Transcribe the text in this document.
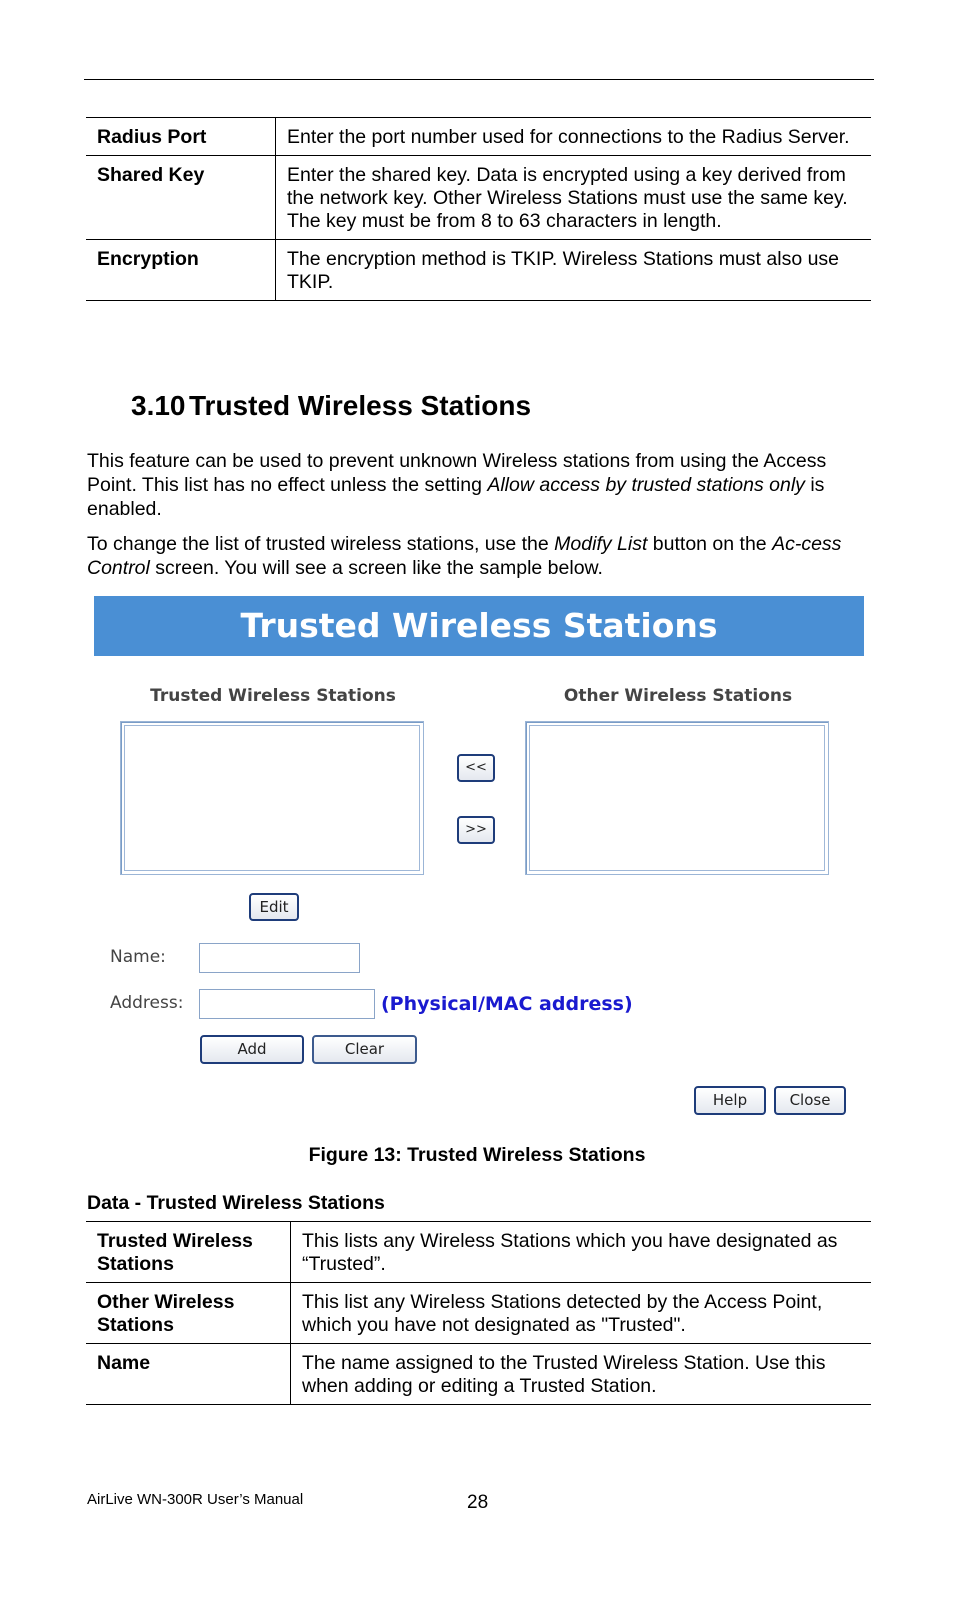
Radius Port	Enter the port number used for connections to the Radius Server.
Shared Key	Enter the shared key. Data is encrypted using a key derived from the network key. Other Wireless Stations must use the same key. The key must be from 8 to 63 characters in length.
Encryption	The encryption method is TKIP. Wireless Stations must also use TKIP.
3.10 Trusted Wireless Stations

This feature can be used to prevent unknown Wireless stations from using the Access Point. This list has no effect unless the setting Allow access by trusted stations only is enabled.

To change the list of trusted wireless stations, use the Modify List button on the Ac-cess Control screen. You will see a screen like the sample below.

Trusted Wireless Stations
Trusted Wireless Stations	Other Wireless Stations
<<
>>
Edit
Name:
Address:	(Physical/MAC address)
Add	Clear
Help	Close
Figure 13: Trusted Wireless Stations
Data - Trusted Wireless Stations
Trusted Wireless Stations	This lists any Wireless Stations which you have designated as “Trusted”.
Other Wireless Stations	This list any Wireless Stations detected by the Access Point, which you have not designated as "Trusted".
Name	The name assigned to the Trusted Wireless Station. Use this when adding or editing a Trusted Station.
AirLive WN-300R User’s Manual	28
